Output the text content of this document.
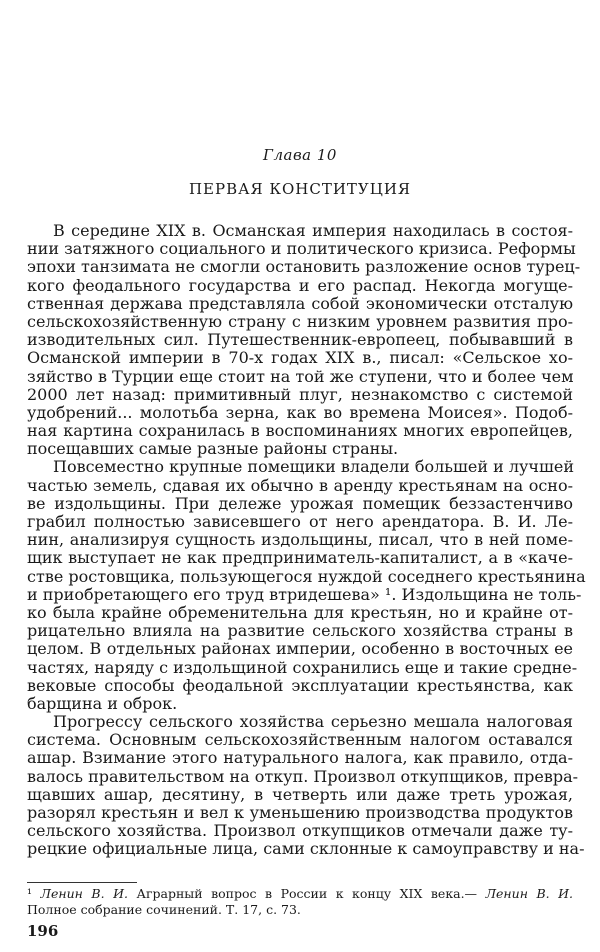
Глава 10
ПЕРВАЯ КОНСТИТУЦИЯ
В середине XIX в. Османская империя находилась в состоя-
нии затяжного социального и политического кризиса. Реформы
эпохи танзимата не смогли остановить разложение основ турец-
кого феодального государства и его распад. Некогда могуще-
ственная держава представляла собой экономически отсталую
сельскохозяйственную страну с низким уровнем развития про-
изводительных сил. Путешественник-европеец, побывавший в
Османской империи в 70-х годах XIX в., писал: «Сельское хо-
зяйство в Турции еще стоит на той же ступени, что и более чем
2000 лет назад: примитивный плуг, незнакомство с системой
удобрений... молотьба зерна, как во времена Моисея». Подоб-
ная картина сохранилась в воспоминаниях многих европейцев,
посещавших самые разные районы страны.
Повсеместно крупные помещики владели большей и лучшей
частью земель, сдавая их обычно в аренду крестьянам на осно-
ве издольщины. При дележе урожая помещик беззастенчиво
грабил полностью зависевшего от него арендатора. В. И. Ле-
нин, анализируя сущность издольщины, писал, что в ней поме-
щик выступает не как предприниматель-капиталист, а в «каче-
стве ростовщика, пользующегося нуждой соседнего крестьянина
и приобретающего его труд втридешева» ¹. Издольщина не толь-
ко была крайне обременительна для крестьян, но и крайне от-
рицательно влияла на развитие сельского хозяйства страны в
целом. В отдельных районах империи, особенно в восточных ее
частях, наряду с издольщиной сохранились еще и такие средне-
вековые способы феодальной эксплуатации крестьянства, как
барщина и оброк.
Прогрессу сельского хозяйства серьезно мешала налоговая
система. Основным сельскохозяйственным налогом оставался
ашар. Взимание этого натурального налога, как правило, отда-
валось правительством на откуп. Произвол откупщиков, превра-
щавших ашар, десятину, в четверть или даже треть урожая,
разорял крестьян и вел к уменьшению производства продуктов
сельского хозяйства. Произвол откупщиков отмечали даже ту-
рецкие официальные лица, сами склонные к самоуправству и на-
¹ Ленин В. И. Аграрный вопрос в России к концу XIX века.— Ленин В. И.
Полное собрание сочинений. Т. 17, с. 73.
196
